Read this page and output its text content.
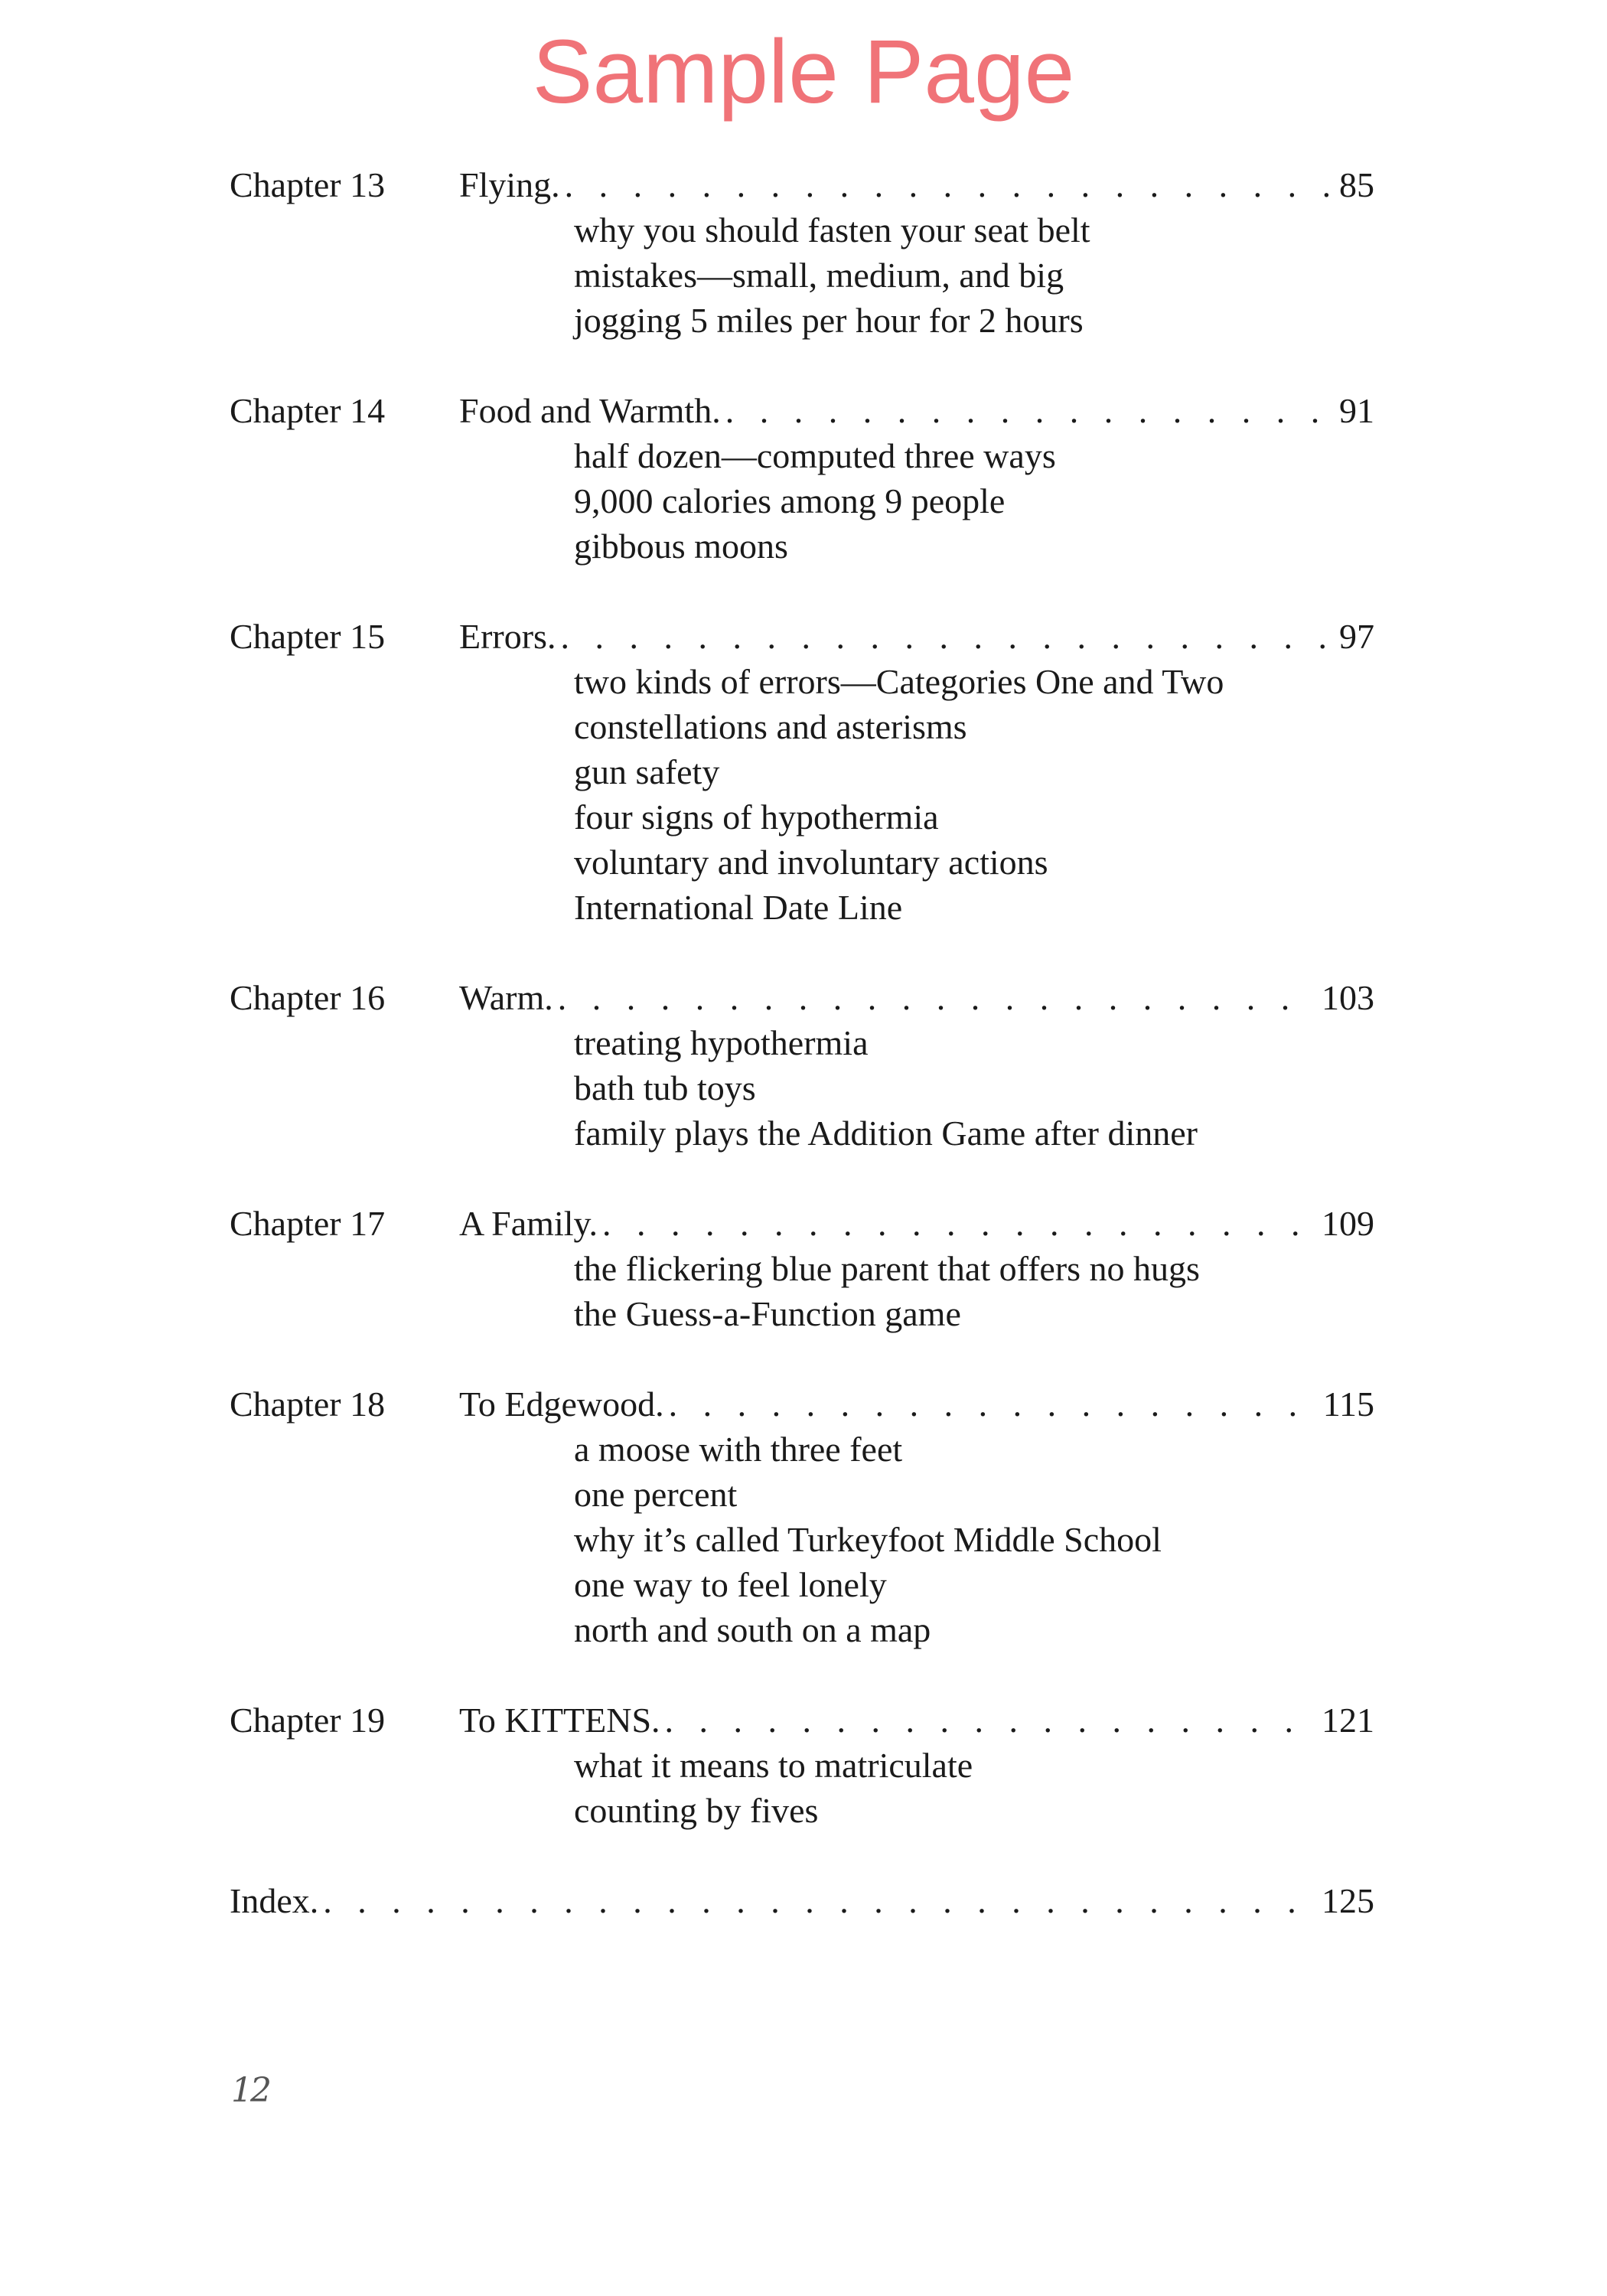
Sample Page
Chapter 13	Flying. . . .	85
why you should fasten your seat belt
mistakes—small, medium, and big
jogging 5 miles per hour for 2 hours
Chapter 14	Food and Warmth. . . .	91
half dozen—computed three ways
9,000 calories among 9 people
gibbous moons
Chapter 15	Errors. . . .	97
two kinds of errors—Categories One and Two
constellations and asterisms
gun safety
four signs of hypothermia
voluntary and involuntary actions
International Date Line
Chapter 16	Warm. . . .	103
treating hypothermia
bath tub toys
family plays the Addition Game after dinner
Chapter 17	A Family. . . .	109
the flickering blue parent that offers no hugs
the Guess-a-Function game
Chapter 18	To Edgewood. . . .	115
a moose with three feet
one percent
why it’s called Turkeyfoot Middle School
one way to feel lonely
north and south on a map
Chapter 19	To KITTENS. . . .	121
what it means to matriculate
counting by fives
Index. . . .	125
12
